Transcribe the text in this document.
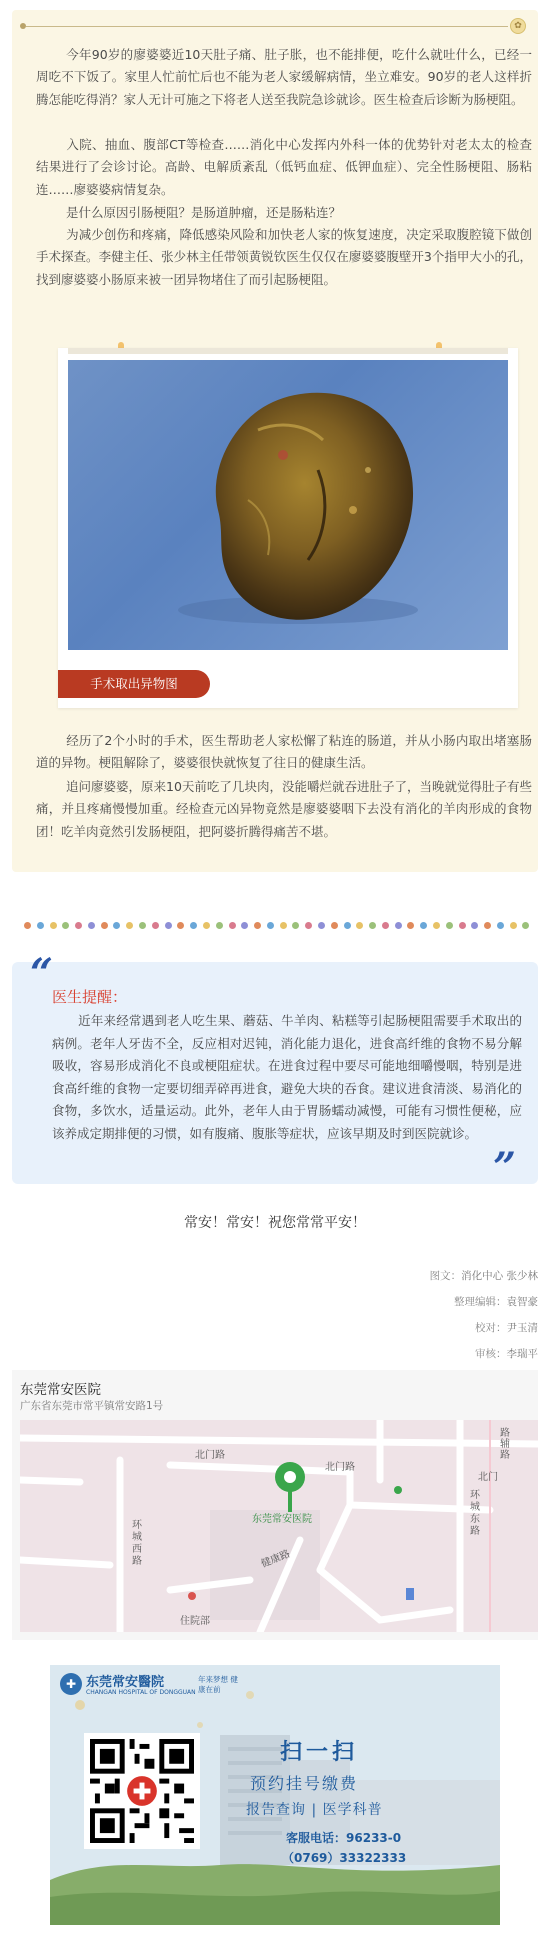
✿

今年90岁的廖婆婆近10天肚子痛、肚子胀，也不能排便，吃什么就吐什么，已经一周吃不下饭了。家里人忙前忙后也不能为老人家缓解病情，坐立难安。90岁的老人这样折腾怎能吃得消？家人无计可施之下将老人送至我院急诊就诊。医生检查后诊断为肠梗阻。

入院、抽血、腹部CT等检查……消化中心发挥内外科一体的优势针对老太太的检查结果进行了会诊讨论。高龄、电解质紊乱（低钙血症、低钾血症）、完全性肠梗阻、肠粘连……廖婆婆病情复杂。

是什么原因引肠梗阻？是肠道肿瘤，还是肠粘连？

为减少创伤和疼痛，降低感染风险和加快老人家的恢复速度，决定采取腹腔镜下做创手术探查。李健主任、张少林主任带领黄锐钦医生仅仅在廖婆婆腹壁开3个指甲大小的孔，找到廖婆婆小肠原来被一团异物堵住了而引起肠梗阻。

手术取出异物图

经历了2个小时的手术，医生帮助老人家松懈了粘连的肠道，并从小肠内取出堵塞肠道的异物。梗阻解除了，婆婆很快就恢复了往日的健康生活。

追问廖婆婆，原来10天前吃了几块肉，没能嚼烂就吞进肚子了，当晚就觉得肚子有些痛，并且疼痛慢慢加重。经检查元凶异物竟然是廖婆婆咽下去没有消化的羊肉形成的食物团！吃羊肉竟然引发肠梗阻，把阿婆折腾得痛苦不堪。

“
”
医生提醒：

近年来经常遇到老人吃生果、蘑菇、牛羊肉、粘糕等引起肠梗阻需要手术取出的病例。老年人牙齿不全，反应相对迟钝，消化能力退化，进食高纤维的食物不易分解吸收，容易形成消化不良或梗阻症状。在进食过程中要尽可能地细嚼慢咽，特别是进食高纤维的食物一定要切细弄碎再进食，避免大块的吞食。建议进食清淡、易消化的食物，多饮水，适量运动。此外，老年人由于胃肠蠕动减慢，可能有习惯性便秘，应该养成定期排便的习惯，如有腹痛、腹胀等症状，应该早期及时到医院就诊。

常安！常安！祝您常常平安！
图文：消化中心 张少林
整理编辑：袁智豪
校对：尹玉清
审核：李瑞平
东莞常安医院
广东省东莞市常平镇常安路1号
北门路
北门路
环城西路
环城东路
路辅路
北门
健康路
东莞常安医院
住院部
✚ 东莞常安醫院
CHANGAN HOSPITAL OF DONGGUAN
年来梦想 健康在前
扫一扫
预约挂号缴费
报告查询 | 医学科普
客服电话：96233-0
（0769）33322333
